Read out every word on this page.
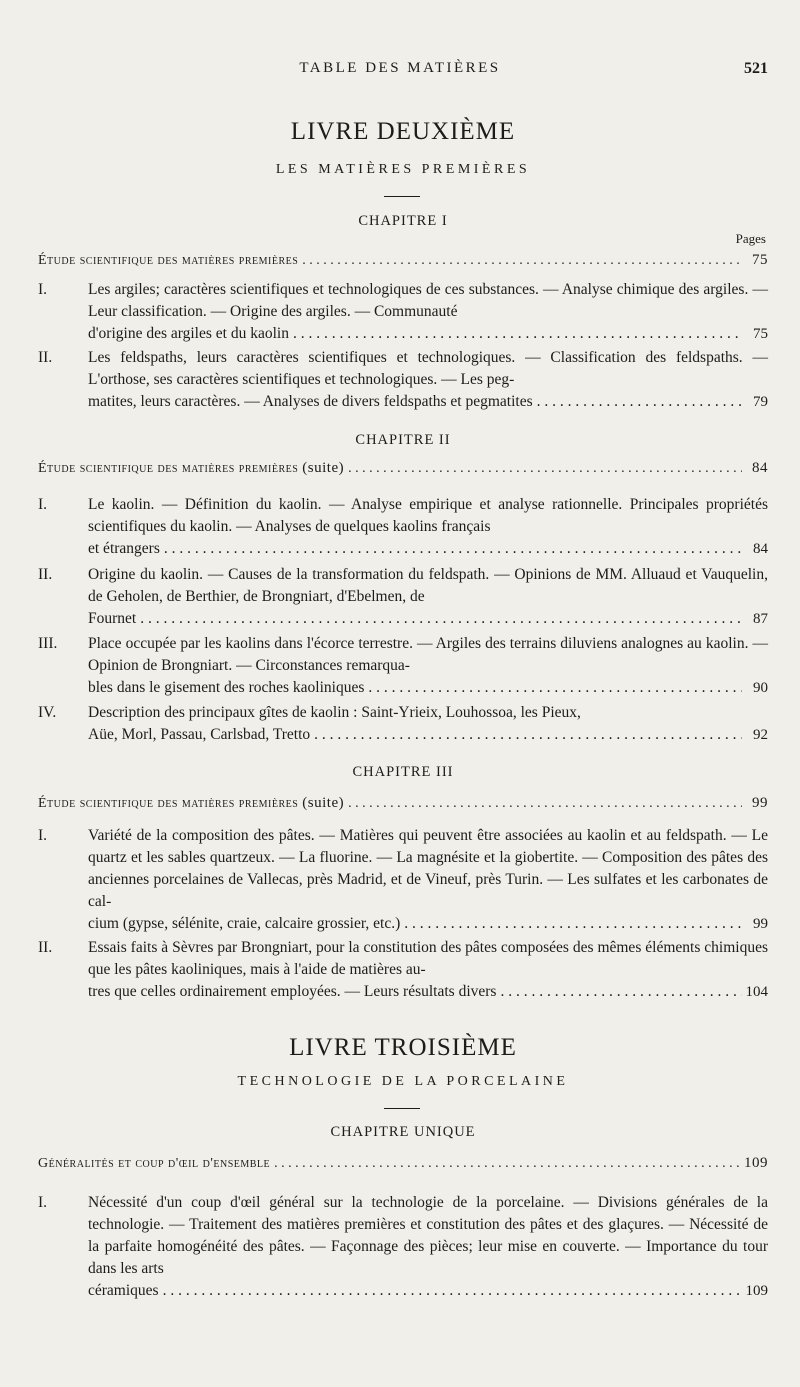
TABLE DES MATIÈRES	521
LIVRE DEUXIÈME
LES MATIÈRES PREMIÈRES
CHAPITRE I
Pages
Étude scientifique des matières premières . . .	75
I.	Les argiles; caractères scientifiques et technologiques de ces substances. — Analyse chimique des argiles. — Leur classification. — Origine des argiles. — Communauté
d'origine des argiles et du kaolin . . .	75
II. Les feldspaths, leurs caractères scientifiques et technologiques. — Classification des feldspaths. — L'orthose, ses caractères scientifiques et technologiques. — Les peg-
matites, leurs caractères. — Analyses de divers feldspaths et pegmatites . . .	79
CHAPITRE II
Étude scientifique des matières premières (suite) . . .	84
I.	Le kaolin. — Définition du kaolin. — Analyse empirique et analyse rationnelle. Principales propriétés scientifiques du kaolin. — Analyses de quelques kaolins français
et étrangers . . .	84
II. Origine du kaolin. — Causes de la transformation du feldspath. — Opinions de MM. Alluaud et Vauquelin, de Geholen, de Berthier, de Brongniart, d'Ebelmen, de
Fournet . . .	87
III. Place occupée par les kaolins dans l'écorce terrestre. — Argiles des terrains diluviens analognes au kaolin. — Opinion de Brongniart. — Circonstances remarqua-
bles dans le gisement des roches kaoliniques . . .	90
IV. Description des principaux gîtes de kaolin : Saint-Yrieix, Louhossoa, les Pieux,
Aüe, Morl, Passau, Carlsbad, Tretto . . .	92
CHAPITRE III
Étude scientifique des matières premières (suite) . . .	99
I.	Variété de la composition des pâtes. — Matières qui peuvent être associées au kaolin et au feldspath. — Le quartz et les sables quartzeux. — La fluorine. — La magnésite et la giobertite. — Composition des pâtes des anciennes porcelaines de Vallecas, près Madrid, et de Vineuf, près Turin. — Les sulfates et les carbonates de cal-
cium (gypse, sélénite, craie, calcaire grossier, etc.) . . .	99
II. Essais faits à Sèvres par Brongniart, pour la constitution des pâtes composées des mêmes éléments chimiques que les pâtes kaoliniques, mais à l'aide de matières au-
tres que celles ordinairement employées. — Leurs résultats divers . . .	104
LIVRE TROISIÈME
TECHNOLOGIE DE LA PORCELAINE
CHAPITRE UNIQUE
Généralités et coup d'œil d'ensemble . . .	109
I.	Nécessité d'un coup d'œil général sur la technologie de la porcelaine. — Divisions générales de la technologie. — Traitement des matières premières et constitution des pâtes et des glaçures. — Nécessité de la parfaite homogénéité des pâtes. — Façonnage des pièces; leur mise en couverte. — Importance du tour dans les arts
céramiques . . .	109
